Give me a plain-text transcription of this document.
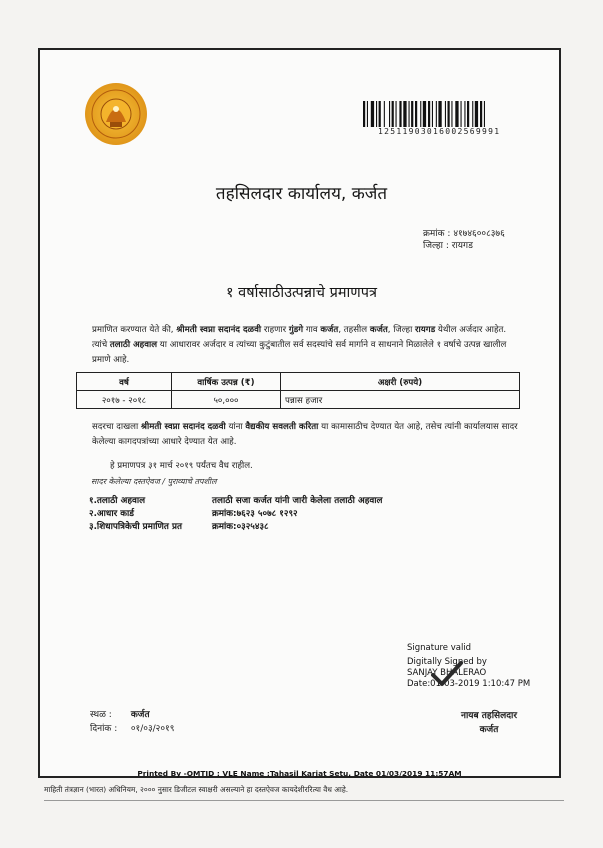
12511903016002569991
तहसिलदार कार्यालय, कर्जत
क्रमांक : ४१७४६००८३७६
जिल्हा : रायगड
१ वर्षासाठीउत्पन्नाचे प्रमाणपत्र
प्रमाणित करण्यात येते की, श्रीमती स्वप्ना सदानंद दळवी राहणार गुंडगे गाव कर्जत, तहसील कर्जत, जिल्हा रायगड येथील अर्जदार आहेत. त्यांचे तलाठी अहवाल या आधारावर अर्जदार व त्यांच्या कुटुंबातील सर्व सदस्यांचे सर्व मार्गाने व साधनाने मिळालेले १ वर्षाचे उत्पन्न खालील प्रमाणे आहे.
वर्ष	वार्षिक उत्पन्न (₹)	अक्षरी (रुपये)
२०१७ - २०१८	५०,०००	पन्नास हजार
सदरचा दाखला श्रीमती स्वप्ना सदानंद दळवी यांना वैद्यकीय सवलती करिता या कामासाठीच देण्यात येत आहे, तसेच त्यांनी कार्यालयास सादर केलेल्या कागदपत्रांच्या आधारे देण्यात येत आहे.
हे प्रमाणपत्र ३१ मार्च २०१९ पर्यंतच वैध राहील.
सादर केलेल्या दस्तऐवज / पुराव्याचे तपशील
१.तलाठी अहवाल	तलाठी सजा कर्जत यांनी जारी केलेला तलाठी अहवाल
२.आधार कार्ड	क्रमांक:७६२३ ५०७८ १२९२
३.शिधापत्रिकेची प्रमाणित प्रत	क्रमांक:०३२५४३८
Signature valid
Digitally Signed by
SANJAY BHALERAO
Date:01-03-2019 1:10:47 PM
स्थळ : कर्जत
दिनांक : ०१/०३/२०१९
नायब तहसिलदार
कर्जत
Printed By -OMTID : VLE Name :Tahasil Karjat Setu, Date 01/03/2019 11:57AM
माहिती तंत्रज्ञान (भारत) अधिनियम, २००० नुसार डिजीटल स्वाक्षरी असल्याने हा दस्तऐवज कायदेशीररित्या वैध आहे.
